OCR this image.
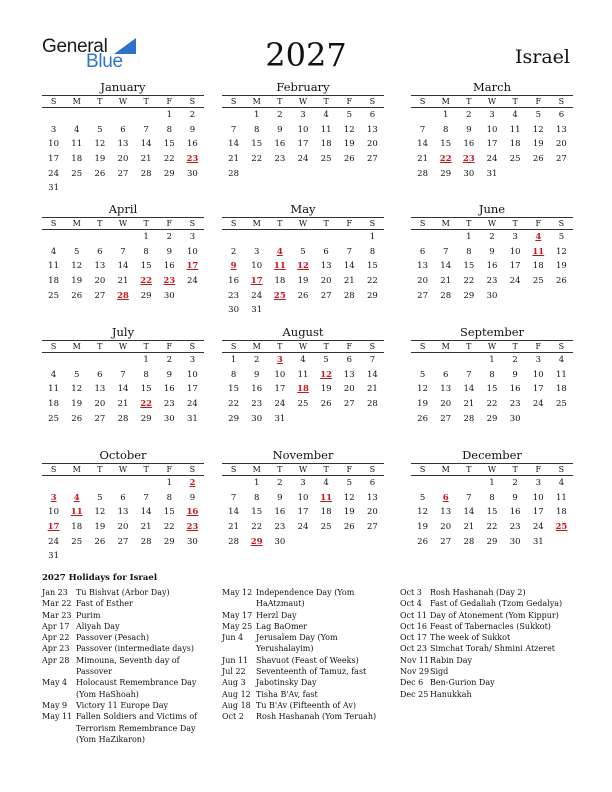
General
Blue	2027	Israel
January
S	M	T	W	T	F	S
					1	2
3	4	5	6	7	8	9
10	11	12	13	14	15	16
17	18	19	20	21	22	23
24	25	26	27	28	29	30
31						
February
S	M	T	W	T	F	S
	1	2	3	4	5	6
7	8	9	10	11	12	13
14	15	16	17	18	19	20
21	22	23	24	25	26	27
28						
March
S	M	T	W	T	F	S
	1	2	3	4	5	6
7	8	9	10	11	12	13
14	15	16	17	18	19	20
21	22	23	24	25	26	27
28	29	30	31			
April
S	M	T	W	T	F	S
				1	2	3
4	5	6	7	8	9	10
11	12	13	14	15	16	17
18	19	20	21	22	23	24
25	26	27	28	29	30	
May
S	M	T	W	T	F	S
						1
2	3	4	5	6	7	8
9	10	11	12	13	14	15
16	17	18	19	20	21	22
23	24	25	26	27	28	29
30	31					
June
S	M	T	W	T	F	S
		1	2	3	4	5
6	7	8	9	10	11	12
13	14	15	16	17	18	19
20	21	22	23	24	25	26
27	28	29	30			
July
S	M	T	W	T	F	S
				1	2	3
4	5	6	7	8	9	10
11	12	13	14	15	16	17
18	19	20	21	22	23	24
25	26	27	28	29	30	31
August
S	M	T	W	T	F	S
1	2	3	4	5	6	7
8	9	10	11	12	13	14
15	16	17	18	19	20	21
22	23	24	25	26	27	28
29	30	31				
September
S	M	T	W	T	F	S
			1	2	3	4
5	6	7	8	9	10	11
12	13	14	15	16	17	18
19	20	21	22	23	24	25
26	27	28	29	30		
October
S	M	T	W	T	F	S
					1	2
3	4	5	6	7	8	9
10	11	12	13	14	15	16
17	18	19	20	21	22	23
24	25	26	27	28	29	30
31						
November
S	M	T	W	T	F	S
	1	2	3	4	5	6
7	8	9	10	11	12	13
14	15	16	17	18	19	20
21	22	23	24	25	26	27
28	29	30				
December
S	M	T	W	T	F	S
			1	2	3	4
5	6	7	8	9	10	11
12	13	14	15	16	17	18
19	20	21	22	23	24	25
26	27	28	29	30	31	
2027 Holidays for Israel
Jan 23	Tu Bishvat (Arbor Day)
Mar 22 Fast of Esther
Mar 23 Purim
Apr 17 Aliyah Day
Apr 22 Passover (Pesach)
Apr 23 Passover (intermediate days)
Apr 28 Mimouna, Seventh day of Passover
May 4	Holocaust Remembrance Day (Yom HaShoah)
May 9	Victory 11 Europe Day
May 11 Fallen Soldiers and Victims of Terrorism Remembrance Day (Yom HaZikaron)
May 12 Independence Day (Yom HaAtzmaut)
May 17 Herzl Day
May 25 Lag BaOmer
Jun 4	Jerusalem Day (Yom Yerushalayim)
Jun 11 Shavuot (Feast of Weeks)
Jul 22	Seventeenth of Tamuz, fast
Aug 3	Jabotinsky Day
Aug 12 Tisha B'Av, fast
Aug 18 Tu B'Av (Fifteenth of Av)
Oct 2	Rosh Hashanah (Yom Teruah)
Oct 3	Rosh Hashanah (Day 2)
Oct 4	Fast of Gedaliah (Tzom Gedalya)
Oct 11 Day of Atonement (Yom Kippur)
Oct 16 Feast of Tabernacles (Sukkot)
Oct 17 The week of Sukkot
Oct 23 Simchat Torah/ Shmini Atzeret
Nov 11 Rabin Day
Nov 29 Sigd
Dec 6 Ben-Gurion Day
Dec 25 Hanukkah
